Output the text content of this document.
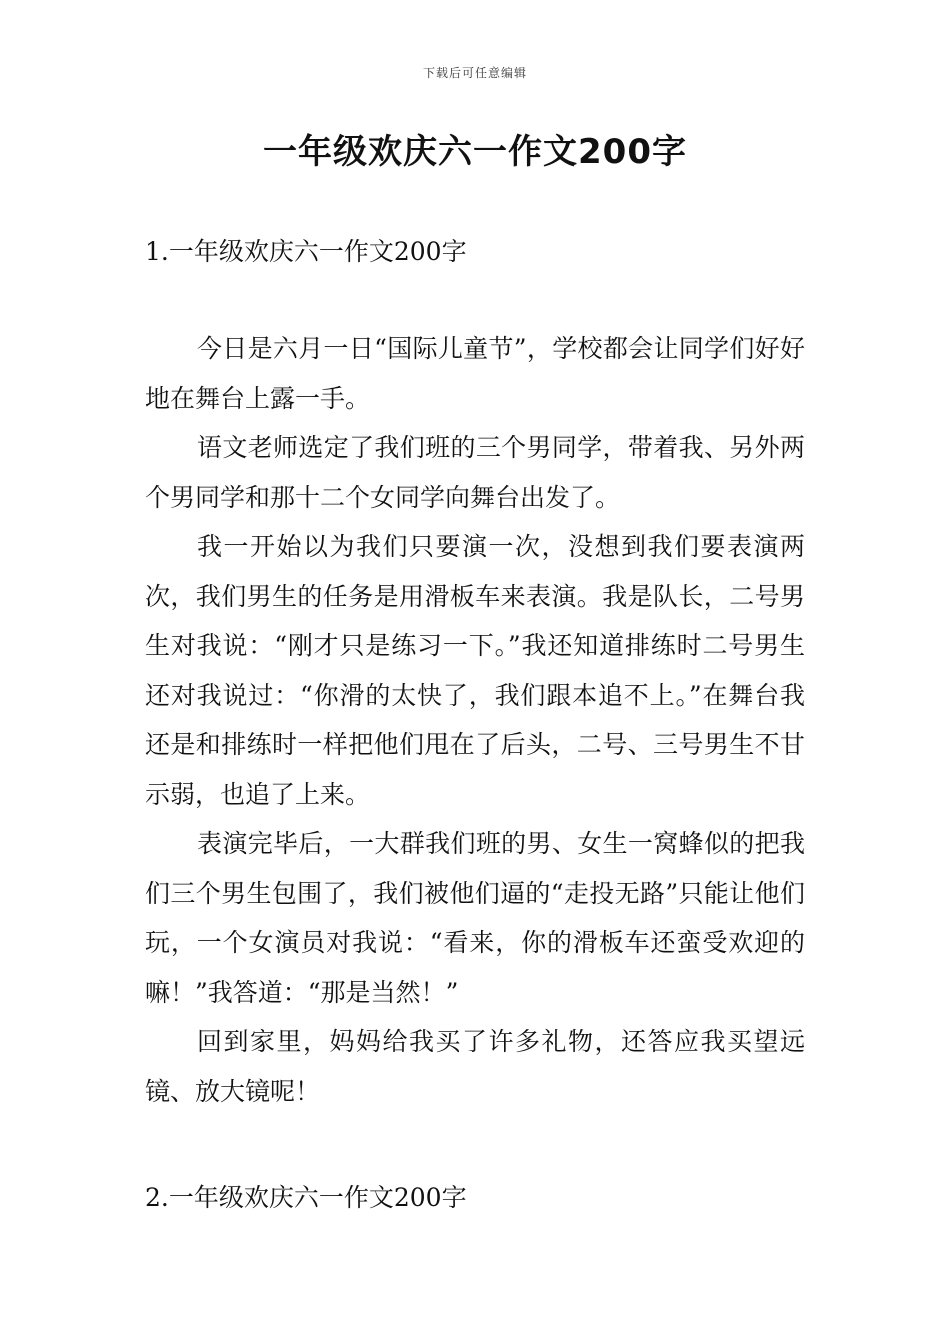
下载后可任意编辑
一年级欢庆六一作文200字
1.一年级欢庆六一作文200字

今日是六月一日“国际儿童节”，学校都会让同学们好好地在舞台上露一手。

语文老师选定了我们班的三个男同学，带着我、另外两个男同学和那十二个女同学向舞台出发了。

我一开始以为我们只要演一次，没想到我们要表演两次，我们男生的任务是用滑板车来表演。我是队长，二号男生对我说：“刚才只是练习一下。”我还知道排练时二号男生还对我说过：“你滑的太快了，我们跟本追不上。”在舞台我还是和排练时一样把他们甩在了后头，二号、三号男生不甘示弱，也追了上来。

表演完毕后，一大群我们班的男、女生一窝蜂似的把我们三个男生包围了，我们被他们逼的“走投无路”只能让他们玩，一个女演员对我说：“看来，你的滑板车还蛮受欢迎的嘛！”我答道：“那是当然！”

回到家里，妈妈给我买了许多礼物，还答应我买望远镜、放大镜呢！

2.一年级欢庆六一作文200字
